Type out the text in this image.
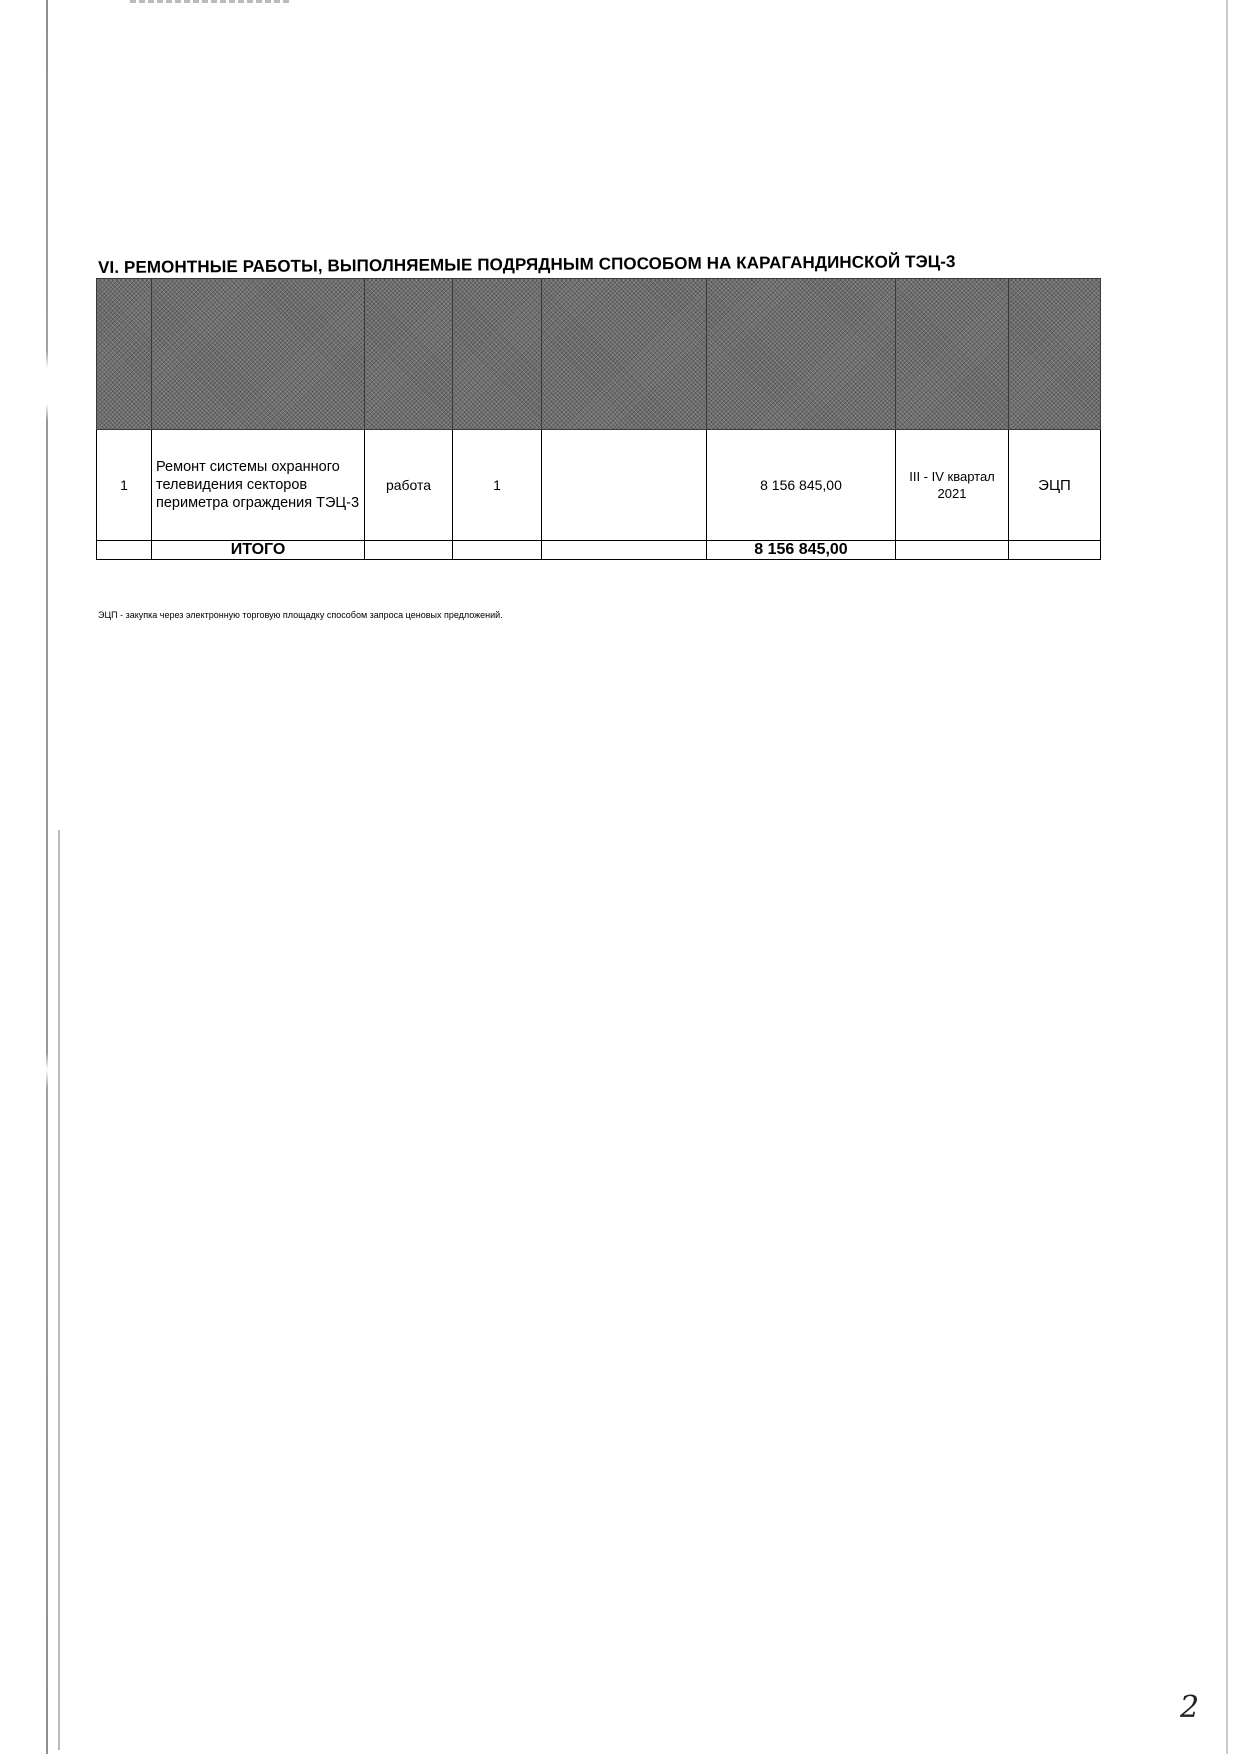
VI. РЕМОНТНЫЕ РАБОТЫ, ВЫПОЛНЯЕМЫЕ ПОДРЯДНЫМ СПОСОБОМ НА КАРАГАНДИНСКОЙ ТЭЦ-3

1	Ремонт системы охранного телевидения секторов периметра ограждения ТЭЦ-3	работа	1		8 156 845,00	III - IV квартал 2021	ЭЦП
	ИТОГО				8 156 845,00		
ЭЦП - закупка через электронную торговую площадку способом запроса ценовых предложений.
2
